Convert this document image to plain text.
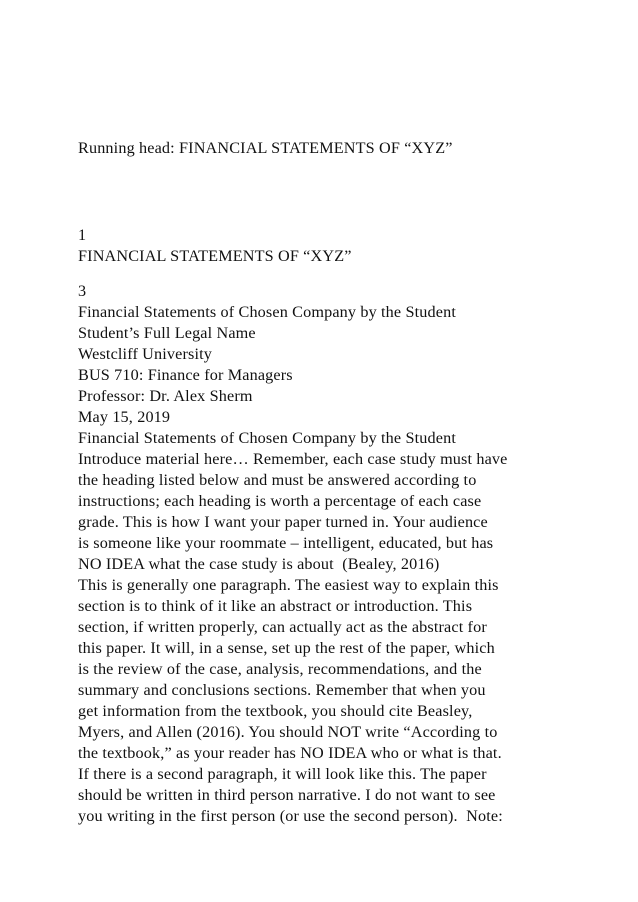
Running head: FINANCIAL STATEMENTS OF “XYZ”
1
FINANCIAL STATEMENTS OF “XYZ”
3
Financial Statements of Chosen Company by the Student
Student’s Full Legal Name
Westcliff University
BUS 710: Finance for Managers
Professor: Dr. Alex Sherm
May 15, 2019
Financial Statements of Chosen Company by the Student
Introduce material here… Remember, each case study must have
the heading listed below and must be answered according to
instructions; each heading is worth a percentage of each case
grade. This is how I want your paper turned in. Your audience
is someone like your roommate – intelligent, educated, but has
NO IDEA what the case study is about  (Bealey, 2016)
This is generally one paragraph. The easiest way to explain this
section is to think of it like an abstract or introduction. This
section, if written properly, can actually act as the abstract for
this paper. It will, in a sense, set up the rest of the paper, which
is the review of the case, analysis, recommendations, and the
summary and conclusions sections. Remember that when you
get information from the textbook, you should cite Beasley,
Myers, and Allen (2016). You should NOT write “According to
the textbook,” as your reader has NO IDEA who or what is that.
If there is a second paragraph, it will look like this. The paper
should be written in third person narrative. I do not want to see
you writing in the first person (or use the second person).  Note:
